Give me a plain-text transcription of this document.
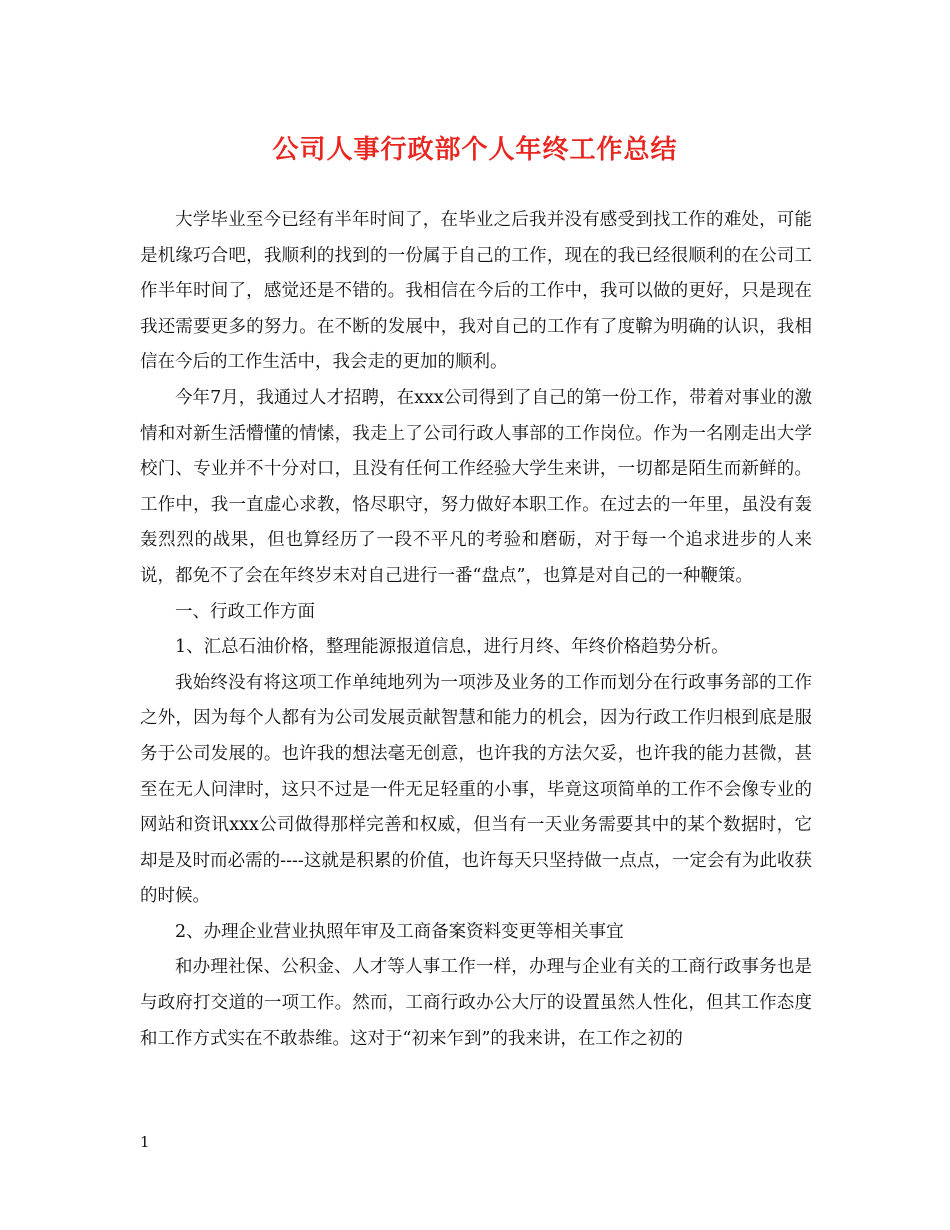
公司人事行政部个人年终工作总结

大学毕业至今已经有半年时间了，在毕业之后我并没有感受到找工作的难处，可能是机缘巧合吧，我顺利的找到的一份属于自己的工作，现在的我已经很顺利的在公司工作半年时间了，感觉还是不错的。我相信在今后的工作中，我可以做的更好，只是现在我还需要更多的努力。在不断的发展中，我对自己的工作有了度鞥为明确的认识，我相信在今后的工作生活中，我会走的更加的顺利。

今年7月，我通过人才招聘，在xxx公司得到了自己的第一份工作，带着对事业的激情和对新生活懵懂的情愫，我走上了公司行政人事部的工作岗位。作为一名刚走出大学校门、专业并不十分对口，且没有任何工作经验大学生来讲，一切都是陌生而新鲜的。工作中，我一直虚心求教，恪尽职守，努力做好本职工作。在过去的一年里，虽没有轰轰烈烈的战果，但也算经历了一段不平凡的考验和磨砺，对于每一个追求进步的人来说，都免不了会在年终岁末对自己进行一番“盘点”，也算是对自己的一种鞭策。

一、行政工作方面

1、汇总石油价格，整理能源报道信息，进行月终、年终价格趋势分析。

我始终没有将这项工作单纯地列为一项涉及业务的工作而划分在行政事务部的工作之外，因为每个人都有为公司发展贡献智慧和能力的机会，因为行政工作归根到底是服务于公司发展的。也许我的想法毫无创意，也许我的方法欠妥，也许我的能力甚微，甚至在无人问津时，这只不过是一件无足轻重的小事，毕竟这项简单的工作不会像专业的网站和资讯xxx公司做得那样完善和权威，但当有一天业务需要其中的某个数据时，它却是及时而必需的----这就是积累的价值，也许每天只坚持做一点点，一定会有为此收获的时候。

2、办理企业营业执照年审及工商备案资料变更等相关事宜

和办理社保、公积金、人才等人事工作一样，办理与企业有关的工商行政事务也是与政府打交道的一项工作。然而，工商行政办公大厅的设置虽然人性化，但其工作态度和工作方式实在不敢恭维。这对于“初来乍到”的我来讲，在工作之初的

1
